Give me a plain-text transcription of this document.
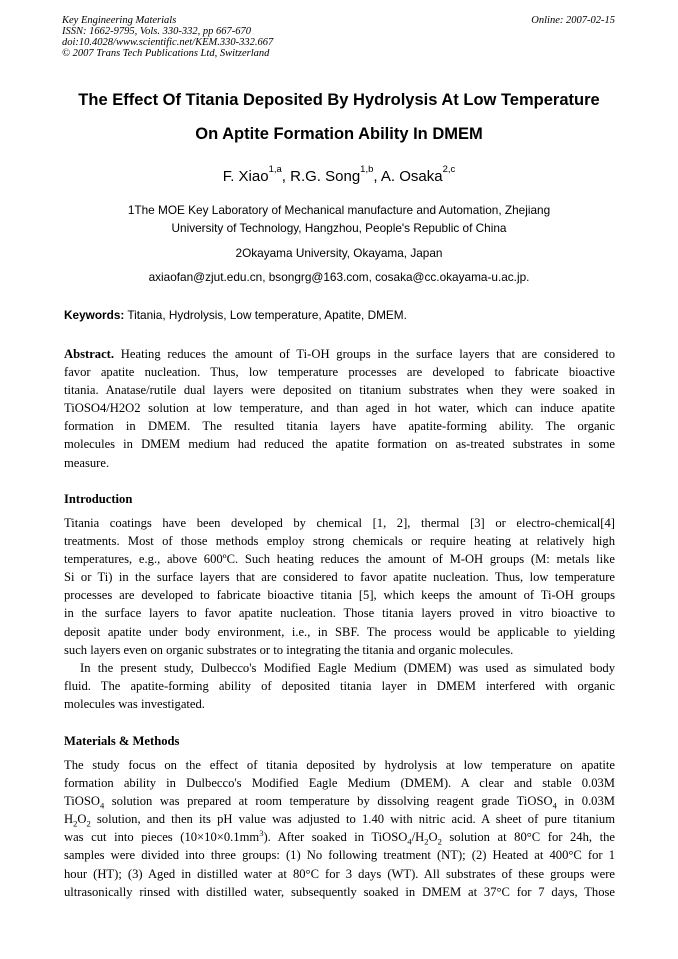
Key Engineering Materials
ISSN: 1662-9795, Vols. 330-332, pp 667-670
doi:10.4028/www.scientific.net/KEM.330-332.667
© 2007 Trans Tech Publications Ltd, Switzerland
Online: 2007-02-15
The Effect Of Titania Deposited By Hydrolysis At Low Temperature
On Aptite Formation Ability In DMEM
F. Xiao$^{1,a}$, R.G. Song$^{1,b}$, A. Osaka$^{2,c}$
1The MOE Key Laboratory of Mechanical manufacture and Automation, Zhejiang
University of Technology, Hangzhou, People's Republic of China
2Okayama University, Okayama, Japan
axiaofan@zjut.edu.cn, bsongrg@163.com, cosaka@cc.okayama-u.ac.jp.
Keywords: Titania, Hydrolysis, Low temperature, Apatite, DMEM.
Abstract. Heating reduces the amount of Ti-OH groups in the surface layers that are considered to
favor apatite nucleation. Thus, low temperature processes are developed to fabricate bioactive
titania. Anatase/rutile dual layers were deposited on titanium substrates when they were soaked in
TiOSO4/H2O2 solution at low temperature, and than aged in hot water, which can induce apatite
formation in DMEM. The resulted titania layers have apatite-forming ability. The organic
molecules in DMEM medium had reduced the apatite formation on as-treated substrates in some
measure.
Introduction
Titania coatings have been developed by chemical [1, 2], thermal [3] or electro-chemical[4]
treatments. Most of those methods employ strong chemicals or require heating at relatively high
temperatures, e.g., above 600ºC. Such heating reduces the amount of M-OH groups (M: metals like
Si or Ti) in the surface layers that are considered to favor apatite nucleation. Thus, low temperature
processes are developed to fabricate bioactive titania [5], which keeps the amount of Ti-OH groups
in the surface layers to favor apatite nucleation. Those titania layers proved in vitro bioactive to
deposit apatite under body environment, i.e., in SBF. The process would be applicable to yielding
such layers even on organic substrates or to integrating the titania and organic molecules.
In the present study, Dulbecco's Modified Eagle Medium (DMEM) was used as simulated body
fluid. The apatite-forming ability of deposited titania layer in DMEM interfered with organic
molecules was investigated.
Materials & Methods
The study focus on the effect of titania deposited by hydrolysis at low temperature on apatite
formation ability in Dulbecco's Modified Eagle Medium (DMEM). A clear and stable 0.03M
TiOSO$_4$ solution was prepared at room temperature by dissolving reagent grade TiOSO$_4$ in 0.03M
$H_2O_2$ solution, and then its pH value was adjusted to 1.40 with nitric acid. A sheet of pure titanium
was cut into pieces $(10\times 10\times 0.1mm^3)$. After soaked in $TiOSO_4/H_2O_2$ solution at 80°C for 24h, the
samples were divided into three groups: (1) No following treatment (NT); (2) Heated at 400°C for 1
hour (HT); (3) Aged in distilled water at 80°C for 3 days (WT). All substrates of these groups were
ultrasonically rinsed with distilled water, subsequently soaked in DMEM at 37°C for 7 days, Those
